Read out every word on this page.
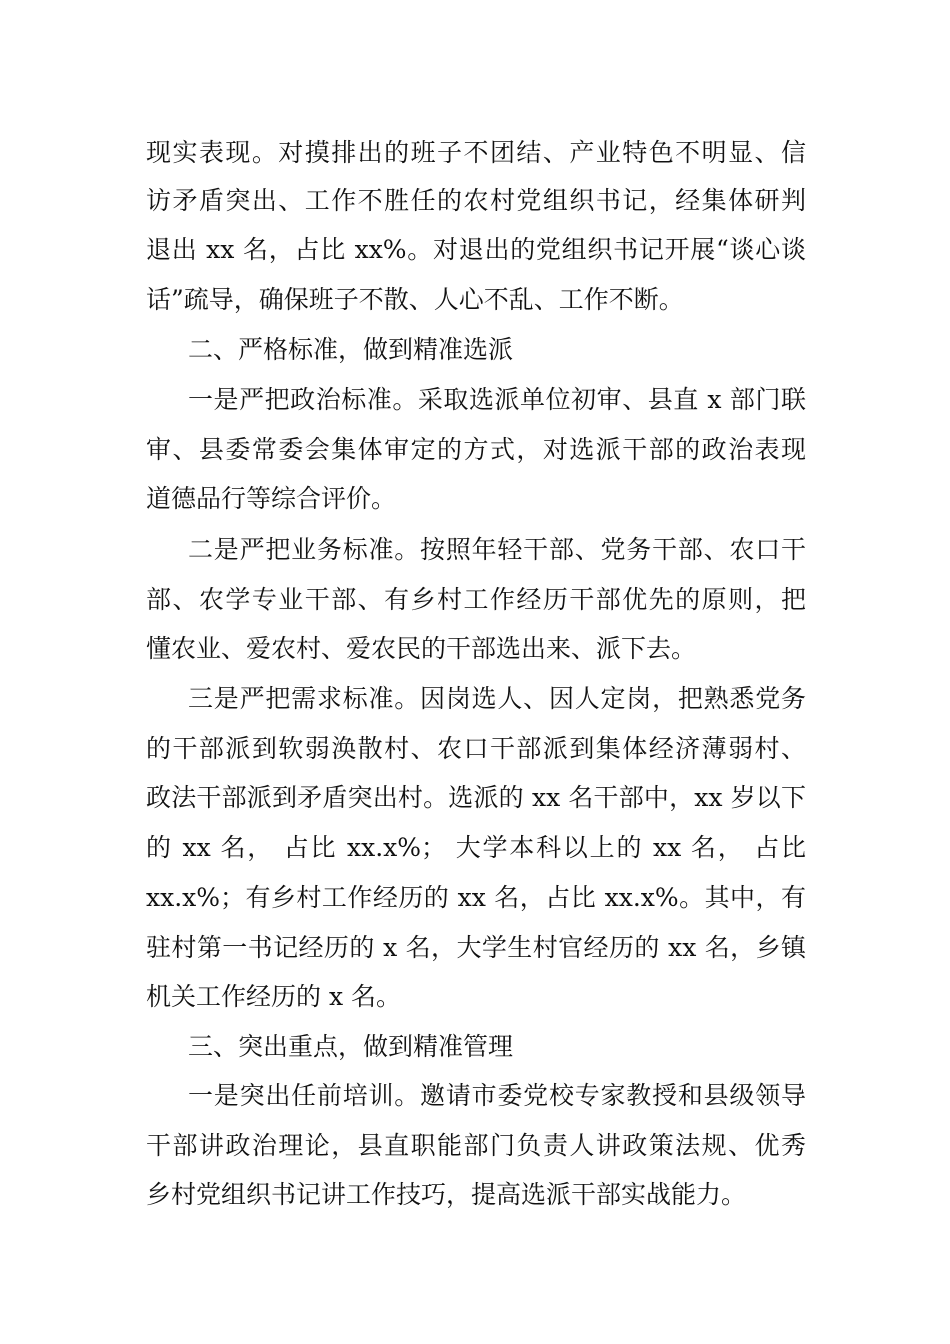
现实表现。对摸排出的班子不团结、产业特色不明显、信
访矛盾突出、工作不胜任的农村党组织书记，经集体研判
退出 xx 名，占比 xx%。对退出的党组织书记开展“谈心谈
话”疏导，确保班子不散、人心不乱、工作不断。
二、严格标准，做到精准选派
一是严把政治标准。采取选派单位初审、县直 x 部门联
审、县委常委会集体审定的方式，对选派干部的政治表现
道德品行等综合评价。
二是严把业务标准。按照年轻干部、党务干部、农口干
部、农学专业干部、有乡村工作经历干部优先的原则，把
懂农业、爱农村、爱农民的干部选出来、派下去。
三是严把需求标准。因岗选人、因人定岗，把熟悉党务
的干部派到软弱涣散村、农口干部派到集体经济薄弱村、
政法干部派到矛盾突出村。选派的 xx 名干部中，xx 岁以下
的 xx 名， 占比 xx.x%； 大学本科以上的 xx 名， 占比
xx.x%；有乡村工作经历的 xx 名，占比 xx.x%。其中，有
驻村第一书记经历的 x 名，大学生村官经历的 xx 名，乡镇
机关工作经历的 x 名。
三、突出重点，做到精准管理
一是突出任前培训。邀请市委党校专家教授和县级领导
干部讲政治理论，县直职能部门负责人讲政策法规、优秀
乡村党组织书记讲工作技巧，提高选派干部实战能力。
